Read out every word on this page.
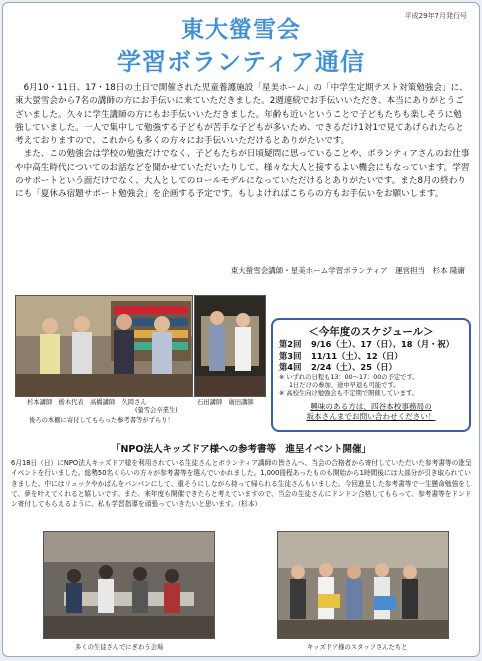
平成29年7月発行号
東大螢雪会
学習ボランティア通信

　6月10・11日、17・18日の土日で開催された児童養護施設「星美ホーム」の「中学生定期テスト対策勉強会」に、東大螢雪会から7名の講師の方にお手伝いに来ていただきました。2週連続でお手伝いいただき、本当にありがとうございました。久々に学生講師の方にもお手伝いいただきました。年齢も近いということで子どもたちも楽しそうに勉強していました。一人で集中して勉強する子どもが苦手な子どもが多いため、できるだけ1対1で見てあげられたらと考えておりますので、これからも多くの方々にお手伝いいただけるとありがたいです。

　また、この勉強会は学校の勉強だけでなく、子どもたちが日頃疑問に思っていることや、ボランティアさんのお仕事や中高生時代についてのお話などを聞かせていただいたりして、様々な大人と接するよい機会にもなっています。学習のサポートという面だけでなく、大人としてのロールモデルになっていただけるとありがたいです。また8月の終わりにも「夏休み宿題サポート勉強会」を企画する予定です。もしよければこちらの方もお手伝いをお願いします。

東大螢雪会講師・星美ホーム学習ボランティア　運営担当　杉本 隆庸
杉本講師　栃木代表　高橋講師　久岡さん
(螢雪会卒業生)
後ろの本棚に寄付してもらった参考書等がずらり！
石田講師　廣田講師
＜今年度のスケジュール＞
第2回 9/16（土）、17（日）、18（月・祝）
第3回 11/11（土）、12（日）
第4回 2/24（土）、25（日）
※ いずれの日程も13：00～17：00の予定です。
1日だけの参加、途中早退も可能です。
※ 高校生向け勉強会も不定期で開催しています。
興味のある方は、四谷本校事務局の
坂本さんまでお問い合わせください！
「NPO法人キッズドア様への参考書等　進呈イベント開催」

6月18日（日）にNPO法人キッズドア様を利用されている生徒さんとボランティア講師の皆さんへ、当会の合格者から寄付していただいた参考書等の進呈イベントを行いました。総勢50名くらいの方々が参考書等を選んでいかれました。1,000冊程あったものも開始から1時間後には大部分が引き取られていきました。中にはリュックやかばんをパンパンにして、重そうにしながら持って帰られる生徒さんもいました。今回進呈した参考書等で一生懸命勉強をして、夢を叶えてくれると嬉しいです。また、来年度も開催できたらと考えていますので、当会の生徒さんにドンドン合格してもらって、参考書等をドンドン寄付してもらえるように、私も学習指導を頑張っていきたいと思います。（杉本）

多くの生徒さんでにぎわう会場	キッズドア様のスタッフさんたちと
